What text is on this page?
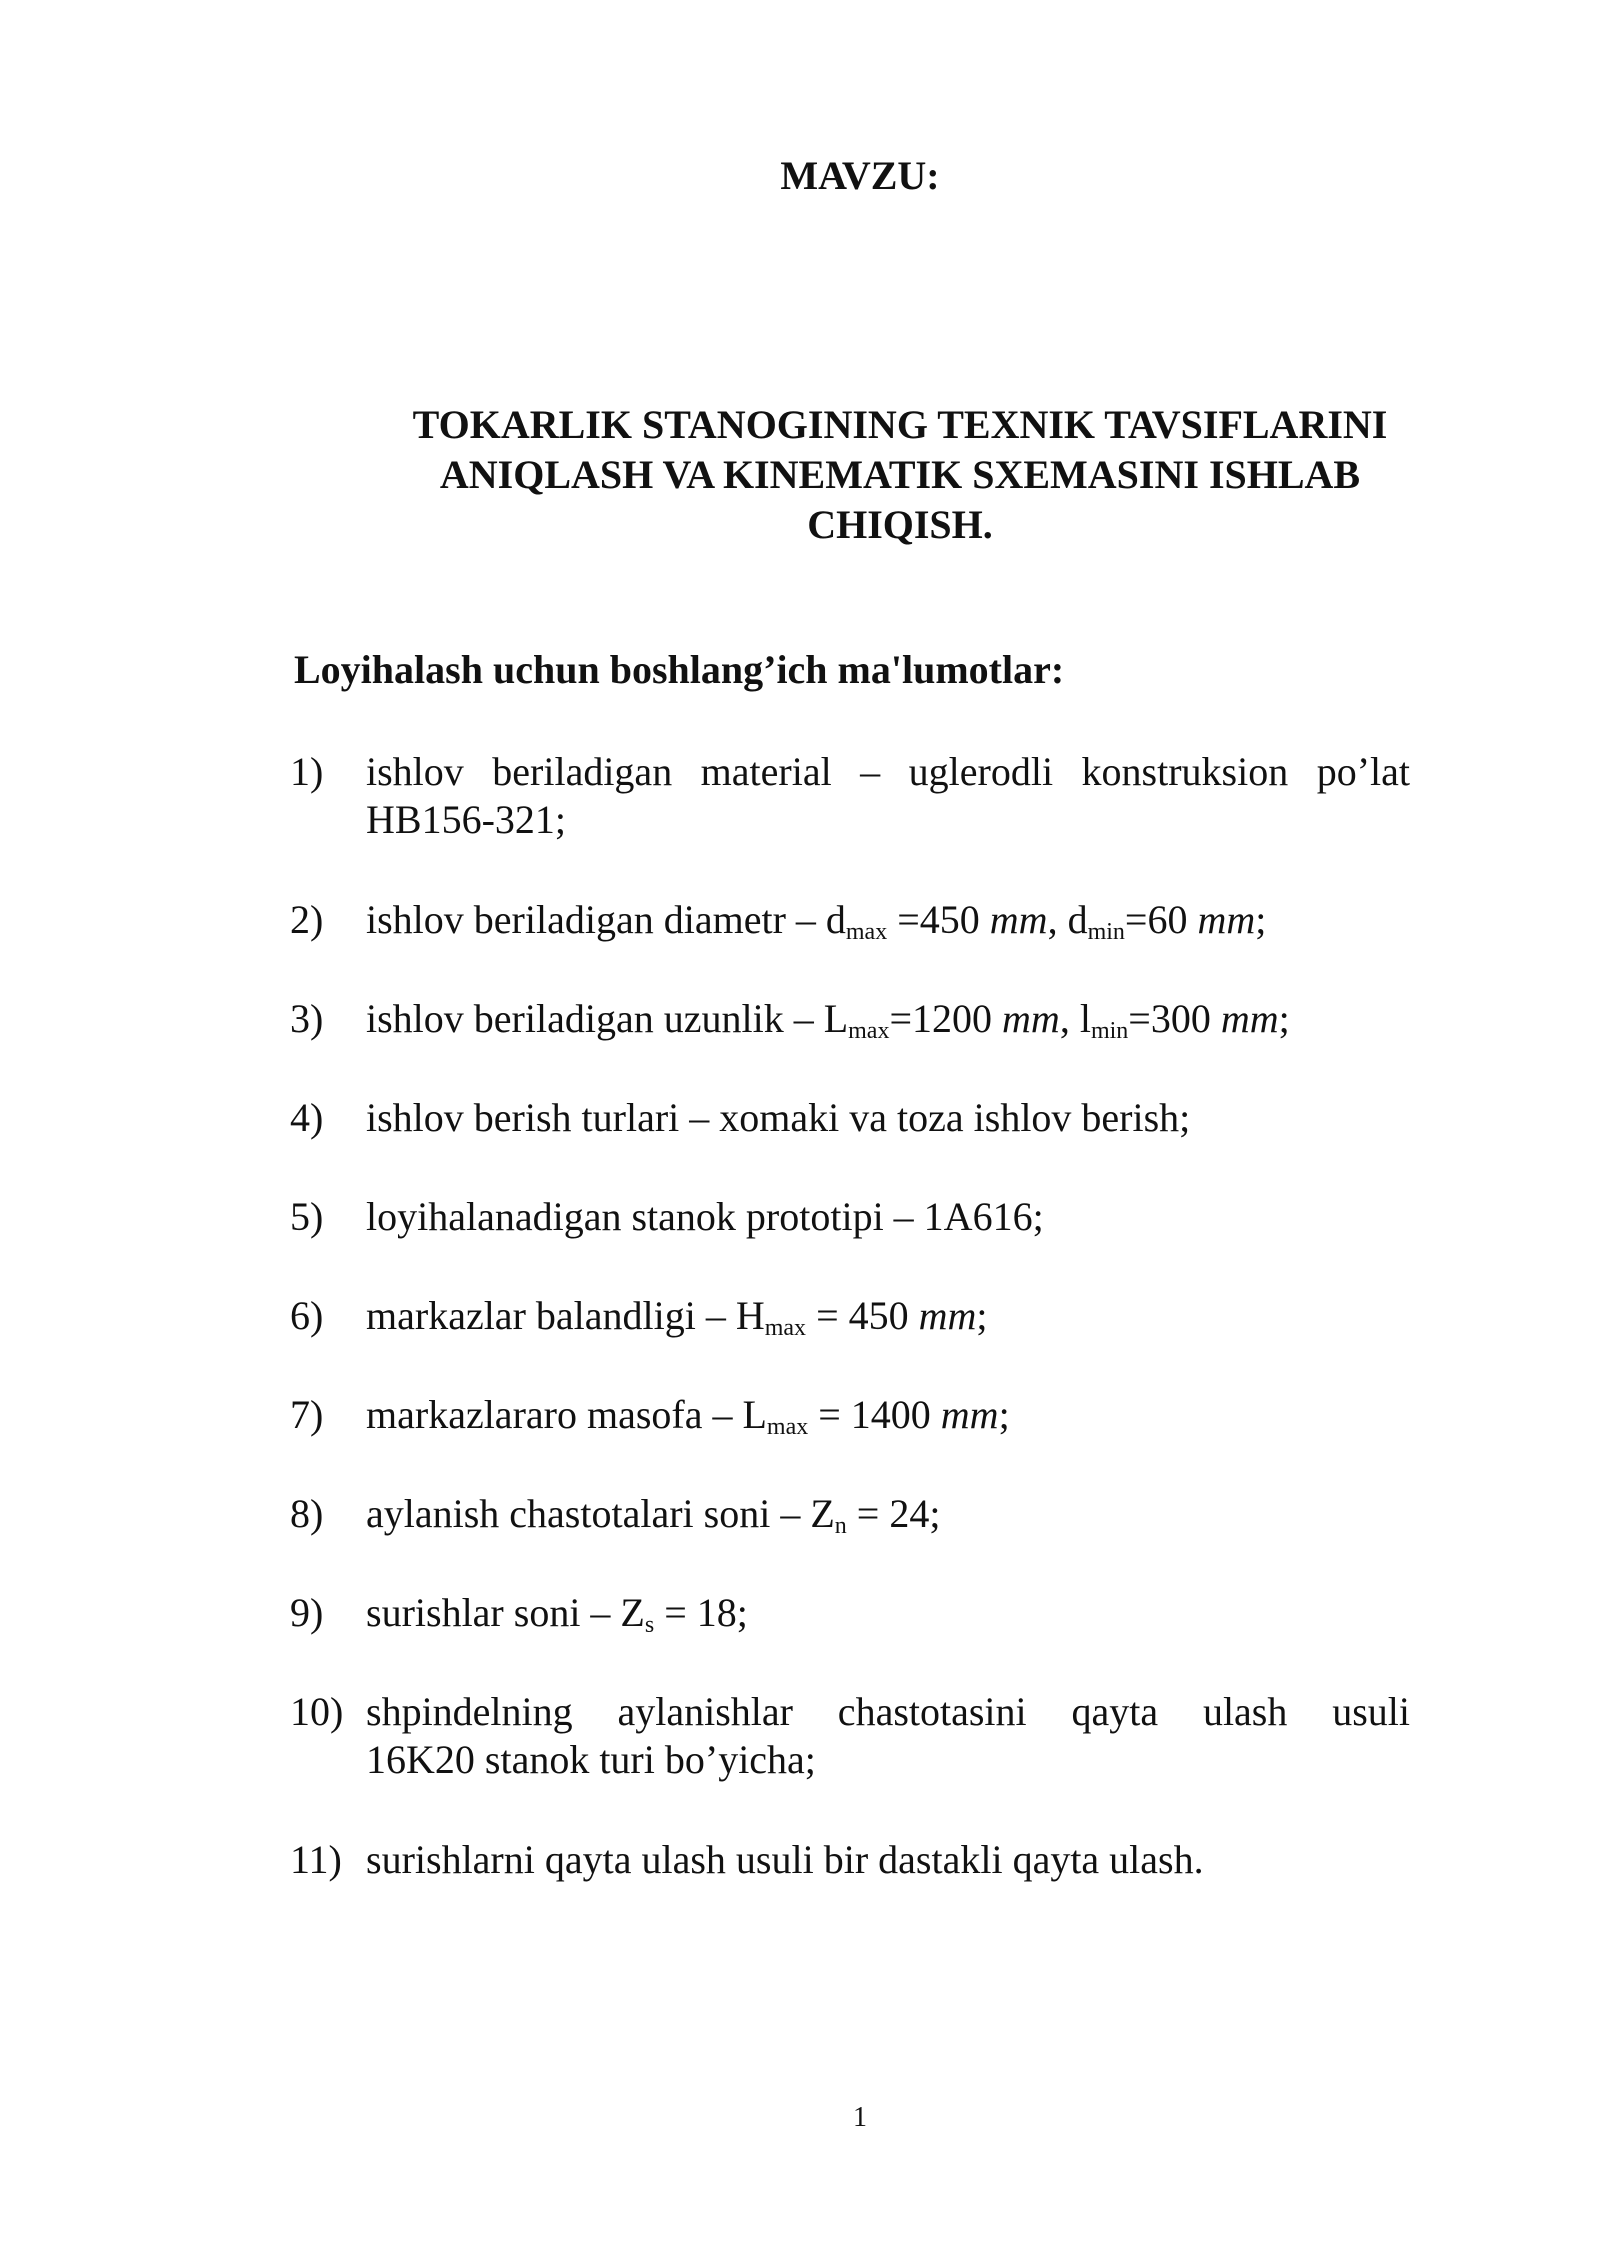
MAVZU:
TOKARLIK STANOGINING TEXNIK TAVSIFLARINI
ANIQLASH VA KINEMATIK SXEMASINI ISHLAB
CHIQISH.
Loyihalash uchun boshlang’ich ma'lumotlar:
1) ishlov beriladigan material – uglerodli konstruksion po’lat
HB156-321;
2) ishlov beriladigan diametr – $d_{max} =450$ mm, $d_{min}=60$ mm;
3) ishlov beriladigan uzunlik – $L_{max}=1200$ mm, $l_{min}=300$ mm;
4) ishlov berish turlari – xomaki va toza ishlov berish;
5) loyihalanadigan stanok prototipi – 1A616;
6) markazlar balandligi – $H_{max} = 450$ mm;
7) markazlararo masofa – $L_{max} = 1400$ mm;
8) aylanish chastotalari soni – $Z_n = 24$;
9) surishlar soni – $Z_s = 18$;
10) shpindelning aylanishlar chastotasini qayta ulash usuli
16K20 stanok turi bo’yicha;
11) surishlarni qayta ulash usuli bir dastakli qayta ulash.
1
